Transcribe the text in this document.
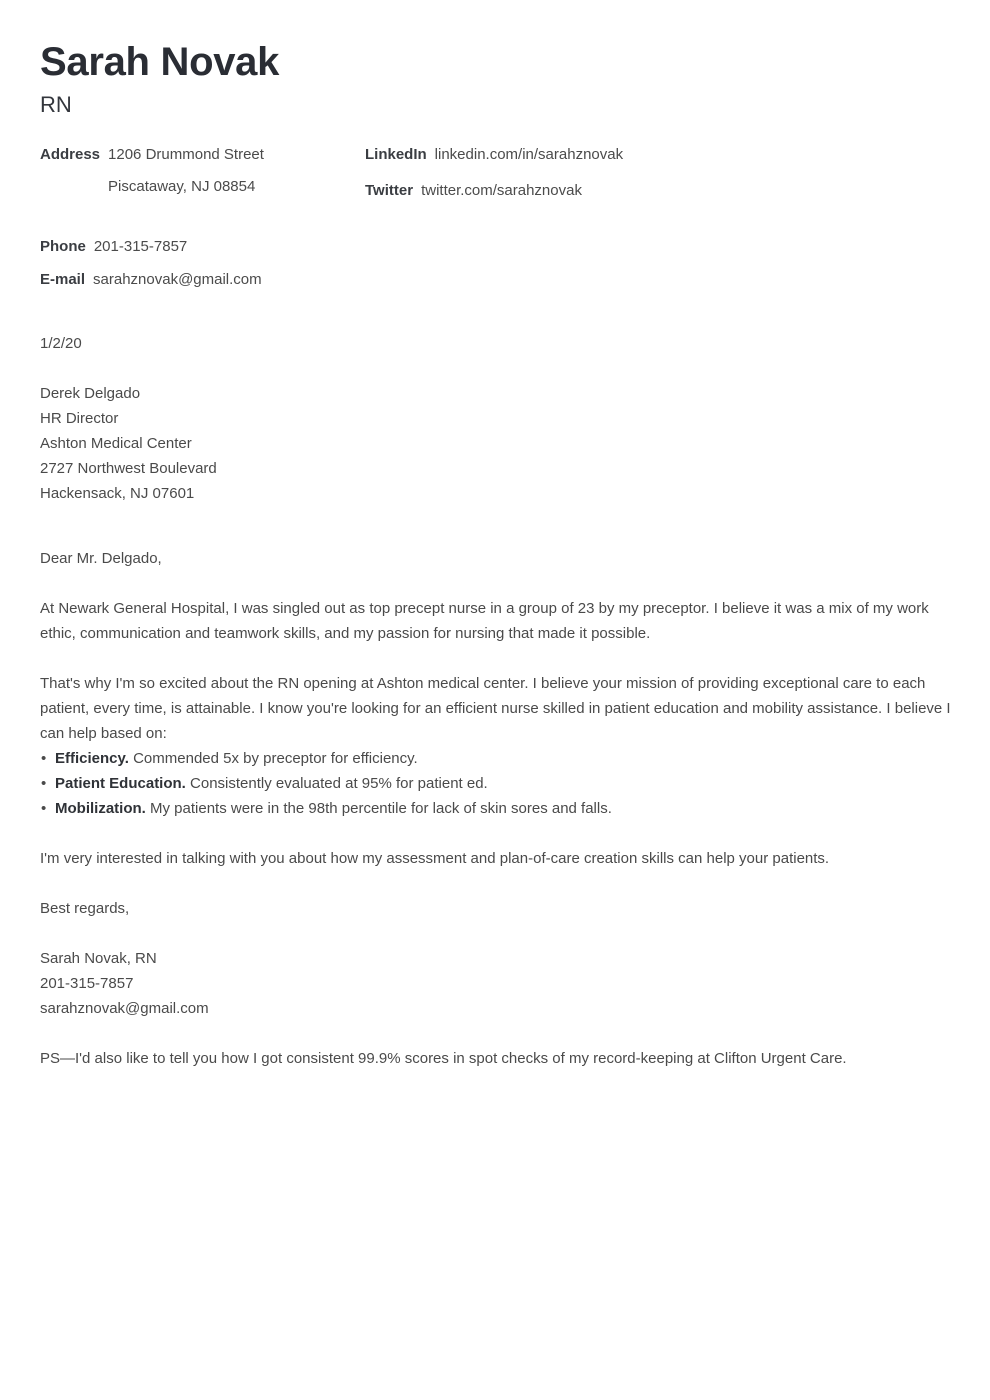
Sarah Novak
RN
Address 1206 Drummond Street
Piscataway, NJ 08854
Phone 201-315-7857
E-mail sarahznovak@gmail.com
LinkedIn linkedin.com/in/sarahznovak
Twitter twitter.com/sarahznovak
1/2/20
Derek Delgado
HR Director
Ashton Medical Center
2727 Northwest Boulevard
Hackensack, NJ 07601
Dear Mr. Delgado,

At Newark General Hospital, I was singled out as top precept nurse in a group of 23 by my preceptor. I believe it was a mix of my work ethic, communication and teamwork skills, and my passion for nursing that made it possible.

That's why I'm so excited about the RN opening at Ashton medical center. I believe your mission of providing exceptional care to each patient, every time, is attainable. I know you're looking for an efficient nurse skilled in patient education and mobility assistance. I believe I can help based on:

• Efficiency. Commended 5x by preceptor for efficiency.
• Patient Education. Consistently evaluated at 95% for patient ed.
• Mobilization. My patients were in the 98th percentile for lack of skin sores and falls.

I'm very interested in talking with you about how my assessment and plan-of-care creation skills can help your patients.

Best regards,
Sarah Novak, RN
201-315-7857
sarahznovak@gmail.com
PS—I'd also like to tell you how I got consistent 99.9% scores in spot checks of my record-keeping at Clifton Urgent Care.
